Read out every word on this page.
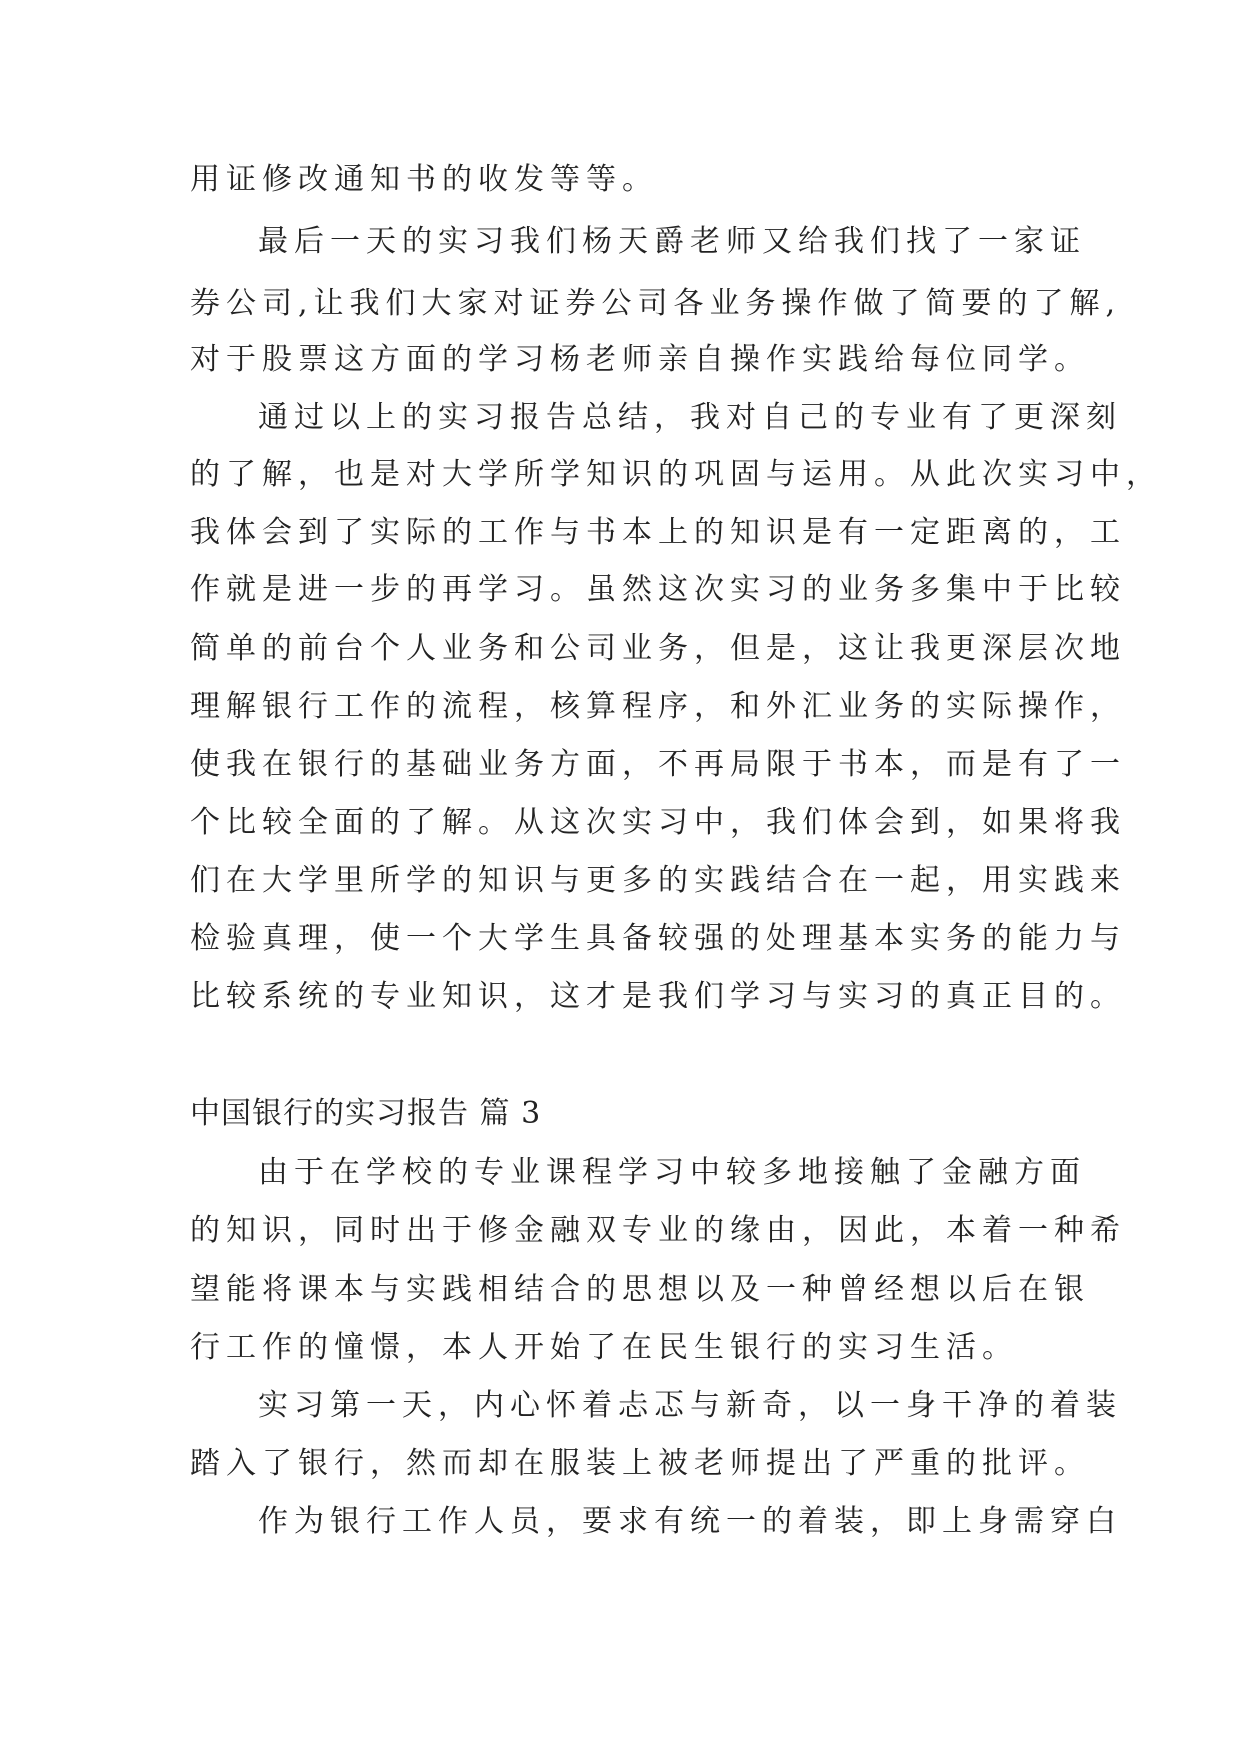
用证修改通知书的收发等等。
最后一天的实习我们杨天爵老师又给我们找了一家证
券公司,让我们大家对证券公司各业务操作做了简要的了解,
对于股票这方面的学习杨老师亲自操作实践给每位同学。
通过以上的实习报告总结，我对自己的专业有了更深刻
的了解，也是对大学所学知识的巩固与运用。从此次实习中，
我体会到了实际的工作与书本上的知识是有一定距离的，工
作就是进一步的再学习。虽然这次实习的业务多集中于比较
简单的前台个人业务和公司业务，但是，这让我更深层次地
理解银行工作的流程，核算程序，和外汇业务的实际操作，
使我在银行的基础业务方面，不再局限于书本，而是有了一
个比较全面的了解。从这次实习中，我们体会到，如果将我
们在大学里所学的知识与更多的实践结合在一起，用实践来
检验真理，使一个大学生具备较强的处理基本实务的能力与
比较系统的专业知识，这才是我们学习与实习的真正目的。
中国银行的实习报告 篇 3
由于在学校的专业课程学习中较多地接触了金融方面
的知识，同时出于修金融双专业的缘由，因此，本着一种希
望能将课本与实践相结合的思想以及一种曾经想以后在银
行工作的憧憬，本人开始了在民生银行的实习生活。
实习第一天，内心怀着忐忑与新奇，以一身干净的着装
踏入了银行，然而却在服装上被老师提出了严重的批评。
作为银行工作人员，要求有统一的着装，即上身需穿白
